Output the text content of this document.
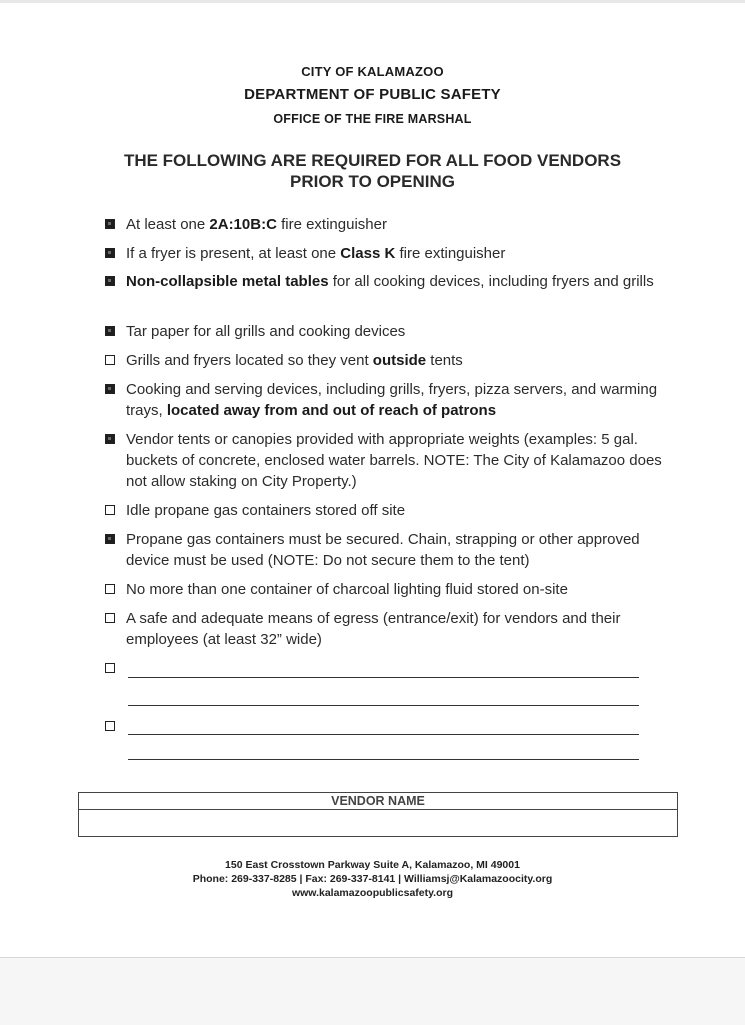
CITY OF KALAMAZOO
DEPARTMENT OF PUBLIC SAFETY
OFFICE OF THE FIRE MARSHAL
THE FOLLOWING ARE REQUIRED FOR ALL FOOD VENDORS
PRIOR TO OPENING
At least one 2A:10B:C fire extinguisher
If a fryer is present, at least one Class K fire extinguisher
Non-collapsible metal tables for all cooking devices, including fryers and grills
Tar paper for all grills and cooking devices
Grills and fryers located so they vent outside tents
Cooking and serving devices, including grills, fryers, pizza servers, and warming trays, located away from and out of reach of patrons
Vendor tents or canopies provided with appropriate weights (examples: 5 gal. buckets of concrete, enclosed water barrels. NOTE: The City of Kalamazoo does not allow staking on City Property.)
Idle propane gas containers stored off site
Propane gas containers must be secured. Chain, strapping or other approved device must be used (NOTE: Do not secure them to the tent)
No more than one container of charcoal lighting fluid stored on-site
A safe and adequate means of egress (entrance/exit) for vendors and their employees (at least 32” wide)
VENDOR NAME
150 East Crosstown Parkway Suite A, Kalamazoo, MI 49001
Phone: 269-337-8285 | Fax: 269-337-8141 | Williamsj@Kalamazoocity.org
www.kalamazoopublicsafety.org
